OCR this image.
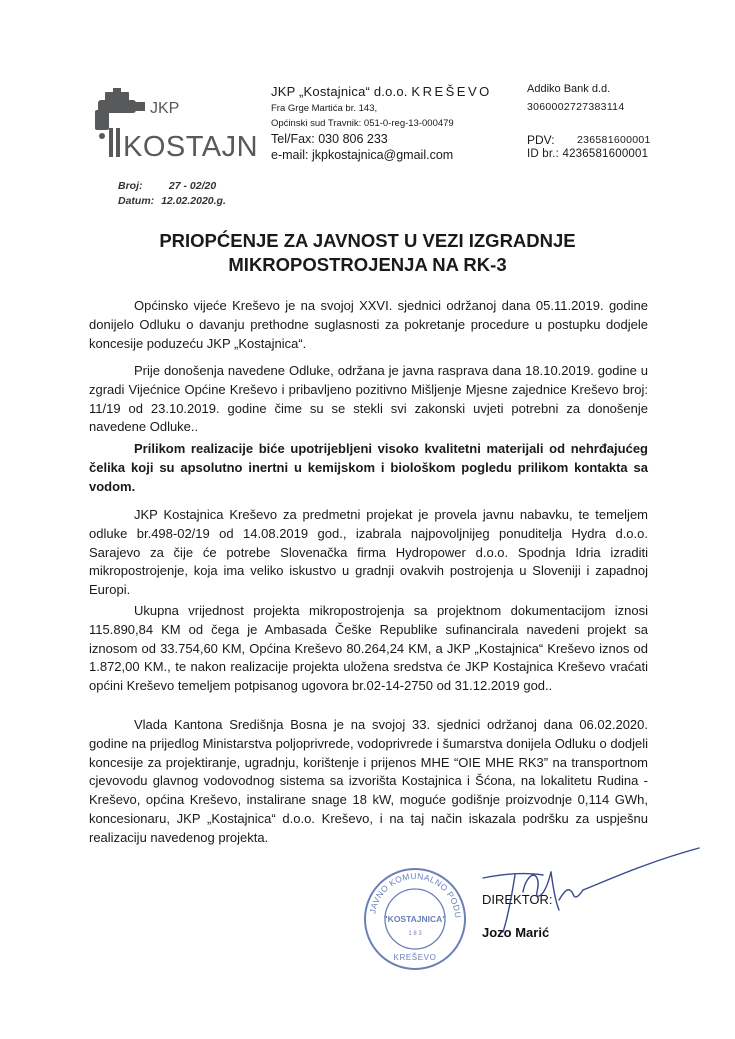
JKP
KOSTAJN
JKP „Kostajnica“ d.o.o. KREŠEVO
Fra Grge Martića br. 143,
Općinski sud Travnik: 051-0-reg-13-000479
Tel/Fax: 030 806 233
e-mail: jkpkostajnica@gmail.com
Addiko Bank d.d.
3060002727383114
PDV: 236581600001
ID br.: 4236581600001
Broj:	27 - 02/20
Datum: 12.02.2020.g.
PRIOPĆENJE ZA JAVNOST U VEZI IZGRADNJE
MIKROPOSTROJENJA NA RK-3
Općinsko vijeće Kreševo je na svojoj XXVI. sjednici održanoj dana 05.11.2019. godine donijelo Odluku o davanju prethodne suglasnosti za pokretanje procedure u postupku dodjele koncesije poduzeću JKP „Kostajnica“.
Prije donošenja navedene Odluke, održana je javna rasprava dana 18.10.2019. godine u zgradi Vijećnice Općine Kreševo i pribavljeno pozitivno Mišljenje Mjesne zajednice Kreševo broj: 11/19 od 23.10.2019. godine čime su se stekli svi zakonski uvjeti potrebni za donošenje navedene Odluke..
Prilikom realizacije biće upotrijebljeni visoko kvalitetni materijali od nehrđajućeg čelika koji su apsolutno inertni u kemijskom i biološkom pogledu prilikom kontakta sa vodom.
JKP Kostajnica Kreševo za predmetni projekat je provela javnu nabavku, te temeljem odluke br.498-02/19 od 14.08.2019 god., izabrala najpovoljnijeg ponuditelja Hydra d.o.o. Sarajevo za čije će potrebe Slovenačka firma Hydropower d.o.o. Spodnja Idria izraditi mikropostrojenje, koja ima veliko iskustvo u gradnji ovakvih postrojenja u Sloveniji i zapadnoj Europi.
Ukupna vrijednost projekta mikropostrojenja sa projektnom dokumentacijom iznosi 115.890,84 KM od čega je Ambasada Češke Republike sufinancirala navedeni projekt sa iznosom od 33.754,60 KM, Općina Kreševo 80.264,24 KM, a JKP „Kostajnica“ Kreševo iznos od 1.872,00 KM., te nakon realizacije projekta uložena sredstva će JKP Kostajnica Kreševo vraćati općini Kreševo temeljem potpisanog ugovora br.02-14-2750 od 31.12.2019 god..
Vlada Kantona Središnja Bosna je na svojoj 33. sjednici održanoj dana 06.02.2020. godine na prijedlog Ministarstva poljoprivrede, vodoprivrede i šumarstva donijela Odluku o dodjeli koncesije za projektiranje, ugradnju, korištenje i prijenos MHE “OIE MHE RK3” na transportnom cjevovodu glavnog vodovodnog sistema sa izvorišta Kostajnica i Šćona, na lokalitetu Rudina - Kreševo, općina Kreševo, instalirane snage 18 kW, moguće godišnje proizvodnje 0,114 GWh, koncesionaru, JKP „Kostajnica“ d.o.o. Kreševo, i na taj način iskazala podršku za uspješnu realizaciju navedenog projekta.
JAVNO KOMUNALNO PODU
"KOSTAJNICA"
1 8 3
KREŠEVO
DIREKTOR:
Jozo Marić
